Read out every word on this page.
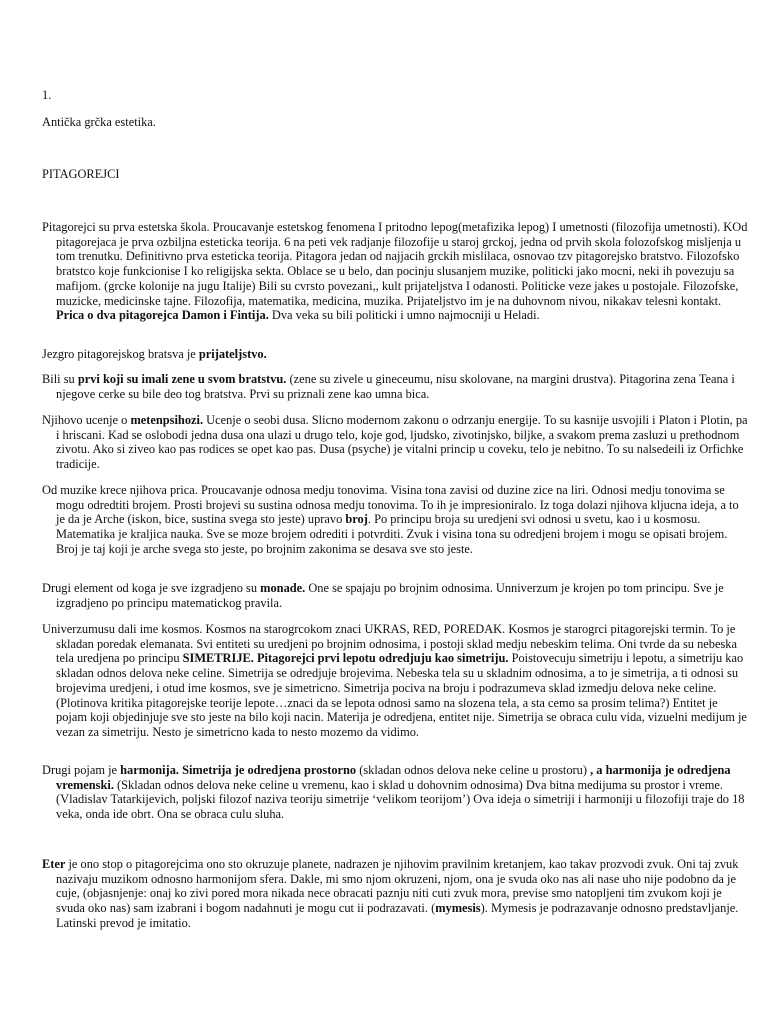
1.
Antička grčka estetika.
PITAGOREJCI

Pitagorejci su prva estetska škola. Proucavanje estetskog fenomena I pritodno lepog(metafizika lepog) I umetnosti (filozofija umetnosti). KOd pitagorejaca je prva ozbiljna esteticka teorija. 6 na peti vek radjanje filozofije u staroj grckoj, jedna od prvih skola folozofskog misljenja u tom trenutku. Definitivno prva esteticka teorija. Pitagora jedan od najjacih grckih mislilaca, osnovao tzv pitagorejsko bratstvo. Filozofsko bratstco koje funkcionise I ko religijska sekta. Oblace se u belo, dan pocinju slusanjem muzike, politicki jako mocni, neki ih povezuju sa mafijom. (grcke kolonije na jugu Italije) Bili su cvrsto povezani,, kult prijateljstva I odanosti. Politicke veze jakes u postojale. Filozofske, muzicke, medicinske tajne. Filozofija, matematika, medicina, muzika. Prijateljstvo im je na duhovnom nivou, nikakav telesni kontakt. Prica o dva pitagorejca Damon i Fintija. Dva veka su bili politicki i umno najmocniji u Heladi.

Jezgro pitagorejskog bratsva je prijateljstvo.

Bili su prvi koji su imali zene u svom bratstvu. (zene su zivele u gineceumu, nisu skolovane, na margini drustva). Pitagorina zena Teana i njegove cerke su bile deo tog bratstva. Prvi su priznali zene kao umna bica.

Njihovo ucenje o metenpsihozi. Ucenje o seobi dusa. Slicno modernom zakonu o odrzanju energije. To su kasnije usvojili i Platon i Plotin, pa i hriscani. Kad se oslobodi jedna dusa ona ulazi u drugo telo, koje god, ljudsko, zivotinjsko, biljke, a svakom prema zasluzi u prethodnom zivotu. Ako si ziveo kao pas rodices se opet kao pas. Dusa (psyche) je vitalni princip u coveku, telo je nebitno. To su nalsedeili iz Orfichke tradicije.

Od muzike krece njihova prica. Proucavanje odnosa medju tonovima. Visina tona zavisi od duzine zice na liri. Odnosi medju tonovima se mogu odredtiti brojem. Prosti brojevi su sustina odnosa medju tonovima. To ih je impresioniralo. Iz toga dolazi njihova kljucna ideja, a to je da je Arche (iskon, bice, sustina svega sto jeste) upravo broj. Po principu broja su uredjeni svi odnosi u svetu, kao i u kosmosu. Matematika je kraljica nauka. Sve se moze brojem odrediti i potvrditi. Zvuk i visina tona su odredjeni brojem i mogu se opisati brojem. Broj je taj koji je arche svega sto jeste, po brojnim zakonima se desava sve sto jeste.

Drugi element od koga je sve izgradjeno su monade. One se spajaju po brojnim odnosima. Unniverzum je krojen po tom principu. Sve je izgradjeno po principu matematickog pravila.

Univerzumusu dali ime kosmos. Kosmos na starogrcokom znaci UKRAS, RED, POREDAK. Kosmos je starogrci pitagorejski termin. To je skladan poredak elemanata. Svi entiteti su uredjeni po brojnim odnosima, i postoji sklad medju nebeskim telima. Oni tvrde da su nebeska tela uredjena po principu SIMETRIJE. Pitagorejci prvi lepotu odredjuju kao simetriju. Poistovecuju simetriju i lepotu, a simetriju kao skladan odnos delova neke celine. Simetrija se odredjuje brojevima. Nebeska tela su u skladnim odnosima, a to je simetrija, a ti odnosi su brojevima uredjeni, i otud ime kosmos, sve je simetricno. Simetrija pociva na broju i podrazumeva sklad izmedju delova neke celine. (Plotinova kritika pitagorejske teorije lepote…znaci da se lepota odnosi samo na slozena tela, a sta cemo sa prosim telima?) Entitet je pojam koji objedinjuje sve sto jeste na bilo koji nacin. Materija je odredjena, entitet nije. Simetrija se obraca culu vida, vizuelni medijum je vezan za simetriju. Nesto je simetricno kada to nesto mozemo da vidimo.

Drugi pojam je harmonija. Simetrija je odredjena prostorno (skladan odnos delova neke celine u prostoru) , a harmonija je odredjena vremenski. (Skladan odnos delova neke celine u vremenu, kao i sklad u dohovnim odnosima) Dva bitna medijuma su prostor i vreme. (Vladislav Tatarkijevich, poljski filozof naziva teoriju simetrije ‘velikom teorijom’) Ova ideja o simetriji i harmoniji u filozofiji traje do 18 veka, onda ide obrt. Ona se obraca culu sluha.

Eter je ono stop o pitagorejcima ono sto okruzuje planete, nadrazen je njihovim pravilnim kretanjem, kao takav prozvodi zvuk. Oni taj zvuk nazivaju muzikom odnosno harmonijom sfera. Dakle, mi smo njom okruzeni, njom, ona je svuda oko nas ali nase uho nije podobno da je cuje, (objasnjenje: onaj ko zivi pored mora nikada nece obracati paznju niti cuti zvuk mora, previse smo natopljeni tim zvukom koji je svuda oko nas) sam izabrani i bogom nadahnuti je mogu cut ii podrazavati. (mymesis). Mymesis je podrazavanje odnosno predstavljanje. Latinski prevod je imitatio.
